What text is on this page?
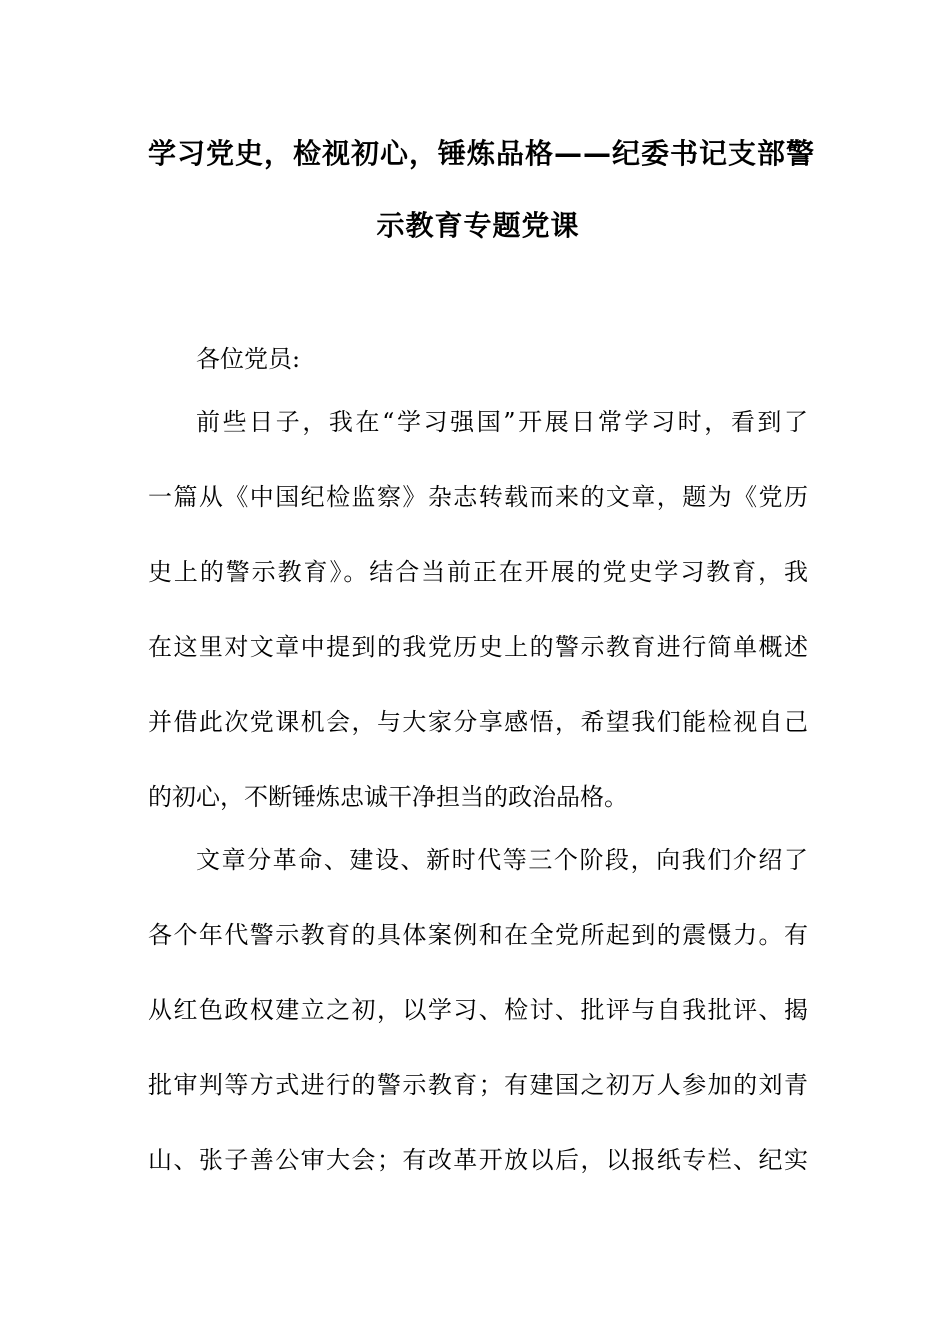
学习党史，检视初心，锤炼品格——纪委书记支部警
示教育专题党课
各位党员:
前些日子，我在“学习强国”开展日常学习时，看到了
一篇从《中国纪检监察》杂志转载而来的文章，题为《党历
史上的警示教育》。结合当前正在开展的党史学习教育，我
在这里对文章中提到的我党历史上的警示教育进行简单概述
并借此次党课机会，与大家分享感悟，希望我们能检视自己
的初心，不断锤炼忠诚干净担当的政治品格。
文章分革命、建设、新时代等三个阶段，向我们介绍了
各个年代警示教育的具体案例和在全党所起到的震慑力。有
从红色政权建立之初，以学习、检讨、批评与自我批评、揭
批审判等方式进行的警示教育；有建国之初万人参加的刘青
山、张子善公审大会；有改革开放以后，以报纸专栏、纪实
